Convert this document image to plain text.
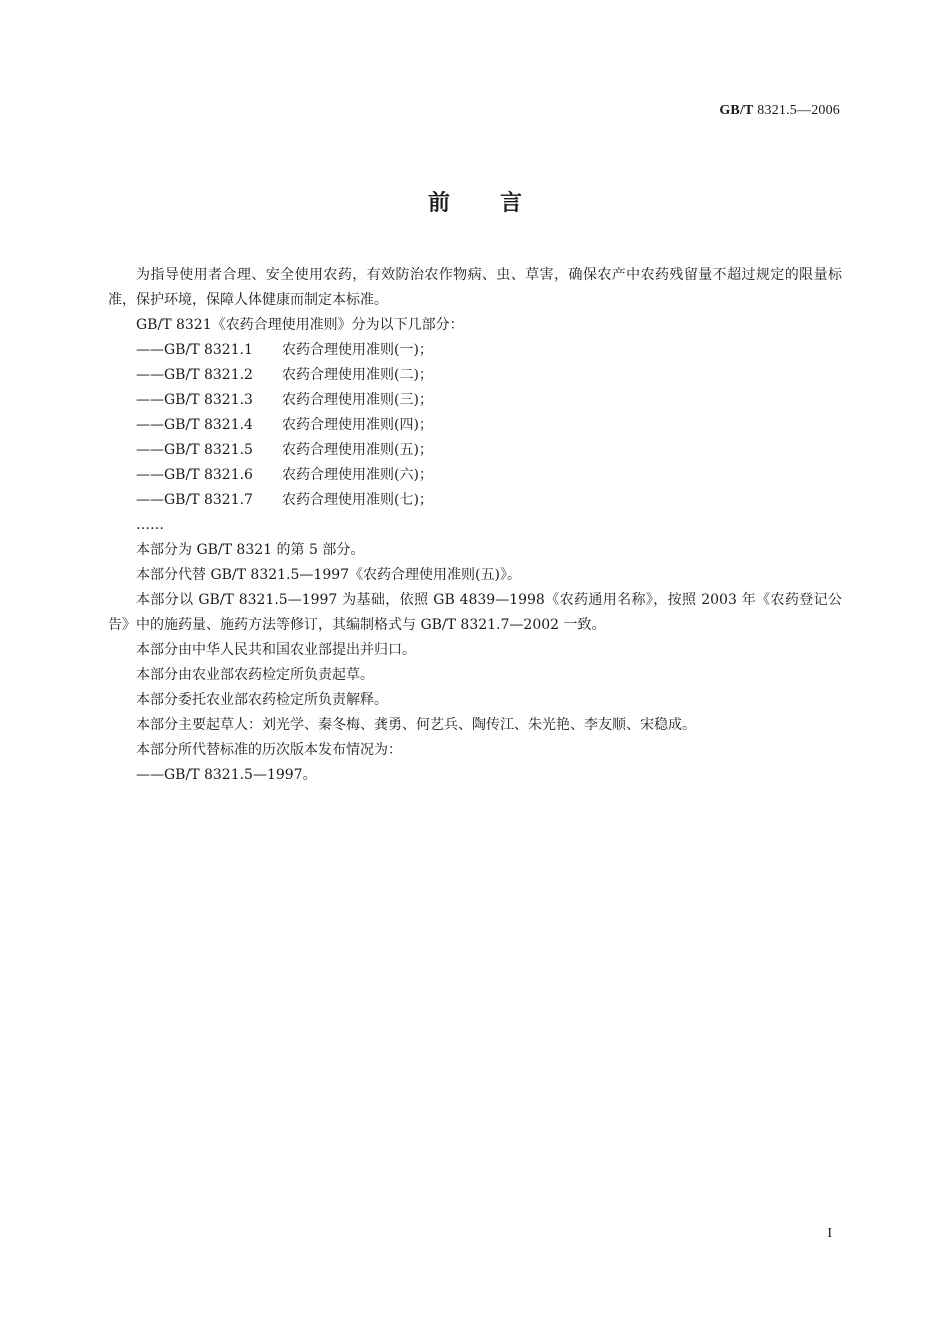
GB/T 8321.5—2006
前言

为指导使用者合理、安全使用农药，有效防治农作物病、虫、草害，确保农产中农药残留量不超过规定的限量标准，保护环境，保障人体健康而制定本标准。

GB/T 8321《农药合理使用准则》分为以下几部分：

——GB/T 8321.1 农药合理使用准则(一)；
——GB/T 8321.2 农药合理使用准则(二)；
——GB/T 8321.3 农药合理使用准则(三)；
——GB/T 8321.4 农药合理使用准则(四)；
——GB/T 8321.5 农药合理使用准则(五)；
——GB/T 8321.6 农药合理使用准则(六)；
——GB/T 8321.7 农药合理使用准则(七)；
……

本部分为 GB/T 8321 的第 5 部分。

本部分代替 GB/T 8321.5—1997《农药合理使用准则(五)》。

本部分以 GB/T 8321.5—1997 为基础，依照 GB 4839—1998《农药通用名称》，按照 2003 年《农药登记公告》中的施药量、施药方法等修订，其编制格式与 GB/T 8321.7—2002 一致。

本部分由中华人民共和国农业部提出并归口。

本部分由农业部农药检定所负责起草。

本部分委托农业部农药检定所负责解释。

本部分主要起草人：刘光学、秦冬梅、龚勇、何艺兵、陶传江、朱光艳、李友顺、宋稳成。

本部分所代替标准的历次版本发布情况为：

——GB/T 8321.5—1997。
I
